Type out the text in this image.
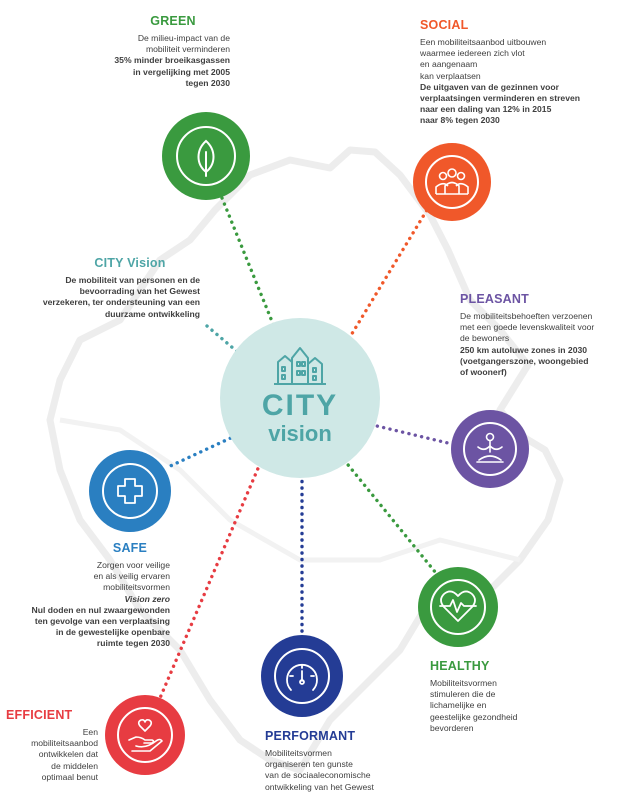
CITY
vision
GREEN
De milieu-impact van de
mobiliteit verminderen
35% minder broeikasgassen
in vergelijking met 2005
tegen 2030
SOCIAL
Een mobiliteitsaanbod uitbouwen
waarmee iedereen zich vlot
en aangenaam
kan verplaatsen
De uitgaven van de gezinnen voor
verplaatsingen verminderen en streven
naar een daling van 12% in 2015
naar 8% tegen 2030
CITY Vision
De mobiliteit van personen en de
bevoorrading van het Gewest
verzekeren, ter ondersteuning van een
duurzame ontwikkeling
PLEASANT
De mobiliteitsbehoeften verzoenen
met een goede levenskwaliteit voor
de bewoners
250 km autoluwe zones in 2030
(voetgangerszone, woongebied
of woonerf)
SAFE
Zorgen voor veilige
en als veilig ervaren
mobiliteitsvormen
Vision zero
Nul doden en nul zwaargewonden
ten gevolge van een verplaatsing
in de gewestelijke openbare
ruimte tegen 2030
HEALTHY
Mobiliteitsvormen
stimuleren die de
lichamelijke en
geestelijke gezondheid
bevorderen
PERFORMANT
Mobiliteitsvormen
organiseren ten gunste
van de sociaaleconomische
ontwikkeling van het Gewest
EFFICIENT
Een
mobiliteitsaanbod
ontwikkelen dat
de middelen
optimaal benut
